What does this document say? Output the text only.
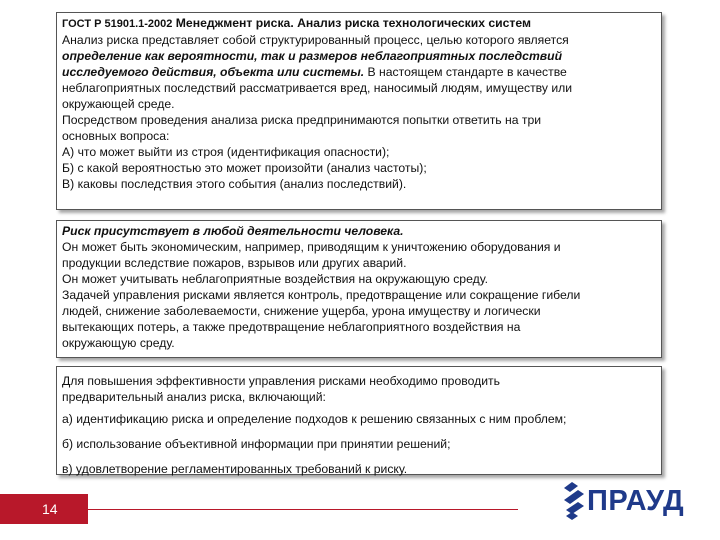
ГОСТ Р 51901.1-2002 Менеджмент риска. Анализ риска технологических систем
Анализ риска представляет собой структурированный процесс, целью которого является
определение как вероятности, так и размеров неблагоприятных последствий
исследуемого действия, объекта или системы. В настоящем стандарте в качестве
неблагоприятных последствий рассматривается вред, наносимый людям, имуществу или
окружающей среде.
Посредством проведения анализа риска предпринимаются попытки ответить на три
основных вопроса:
А) что может выйти из строя (идентификация опасности);
Б) с какой вероятностью это может произойти (анализ частоты);
В) каковы последствия этого события (анализ последствий).
Риск присутствует в любой деятельности человека.
Он может быть экономическим, например, приводящим к уничтожению оборудования и
продукции вследствие пожаров, взрывов или других аварий.
Он может учитывать неблагоприятные воздействия на окружающую среду.
Задачей управления рисками является контроль, предотвращение или сокращение гибели
людей, снижение заболеваемости, снижение ущерба, урона имуществу и логически
вытекающих потерь, а также предотвращение неблагоприятного воздействия на
окружающую среду.
Для повышения эффективности управления рисками необходимо проводить
предварительный анализ риска, включающий:
а) идентификацию риска и определение подходов к решению связанных с ним проблем;
б) использование объективной информации при принятии решений;
в) удовлетворение регламентированных требований к риску.
14	ПРАУД
